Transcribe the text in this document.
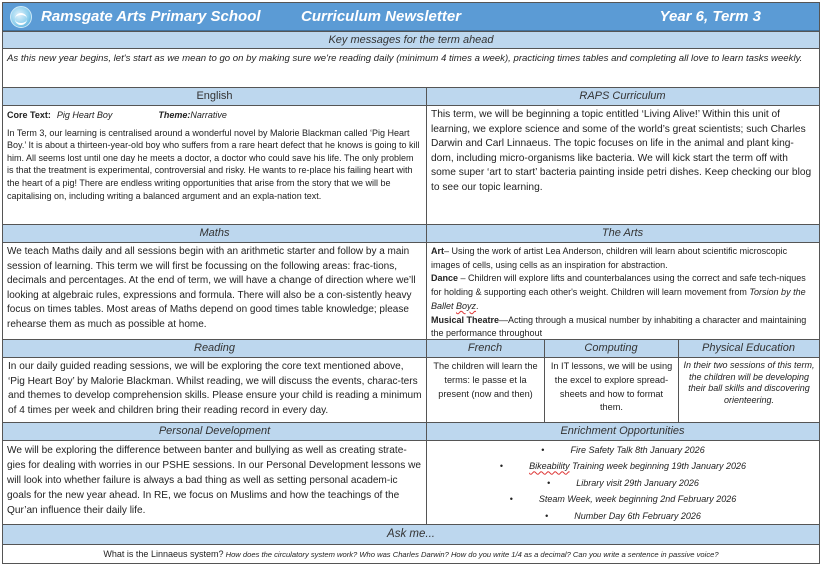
Ramsgate Arts Primary School	Curriculum Newsletter	Year 6, Term 3
Key messages for the term ahead
As this new year begins, let's start as we mean to go on by making sure we're reading daily (minimum 4 times a week), practicing times tables and completing all love to learn tasks weekly.
English	RAPS Curriculum
Core Text: Pig Heart Boy	Theme:Narrative
In Term 3, our learning is centralised around a wonderful novel by Malorie Blackman called ‘Pig Heart Boy.’ It is about a thirteen-year-old boy who suffers from a rare heart defect that he knows is going to kill him. All seems lost until one day he meets a doctor, a doctor who could save his life. The only problem is that the treatment is experimental, controversial and risky. He wants to re-place his failing heart with the heart of a pig! There are endless writing opportunities that arise from the story that we will be capitalising on, including writing a balanced argument and an expla-nation text.
This term, we will be beginning a topic entitled ‘Living Alive!’ Within this unit of learning, we explore science and some of the world’s great scientists; such Charles Darwin and Carl Linnaeus. The topic focuses on life in the animal and plant king-dom, including micro-organisms like bacteria. We will kick start the term off with some super ‘art to start’ bacteria painting inside petri dishes. Keep checking our blog to see our topic learning.
Maths	The Arts
We teach Maths daily and all sessions begin with an arithmetic starter and follow by a main session of learning. This term we will first be focussing on the following areas: frac-tions, decimals and percentages. At the end of term, we will have a change of direction where we’ll looking at algebraic rules, expressions and formula. There will also be a con-sistently heavy focus on times tables. Most areas of Maths depend on good times table knowledge; please rehearse them as much as possible at home.
Art– Using the work of artist Lea Anderson, children will learn about scientific microscopic images of cells, using cells as an inspiration for abstraction.
Dance – Children will explore lifts and counterbalances using the correct and safe tech-niques for holding & supporting each other's weight. Children will learn movement from Torsion by the Ballet Boyz.
Musical Theatre—Acting through a musical number by inhabiting a character and maintaining the performance throughout
Reading	French	Computing	Physical Education
In our daily guided reading sessions, we will be exploring the core text mentioned above, ‘Pig Heart Boy’ by Malorie Blackman. Whilst reading, we will discuss the events, charac-ters and themes to develop comprehension skills. Please ensure your child is reading a minimum of 4 times per week and children bring their reading record in every day.
The children will learn the terms: le passe et la present (now and then)
In IT lessons, we will be using the excel to explore spread-sheets and how to format them.
In their two sessions of this term, the children will be developing their ball skills and discovering orienteering.
Personal Development	Enrichment Opportunities
We will be exploring the difference between banter and bullying as well as creating strate-gies for dealing with worries in our PSHE sessions. In our Personal Development lessons we will look into whether failure is always a bad thing as well as setting personal academ-ic goals for the new year ahead. In RE, we focus on Muslims and how the teachings of the Qur’an influence their daily life.
•	Fire Safety Talk 8th January 2026
•	Bikeability Training week beginning 19th January 2026
•	Library visit 29th January 2026
•	Steam Week, week beginning 2nd February 2026
•	Number Day 6th February 2026
Ask me...
What is the Linnaeus system? How does the circulatory system work? Who was Charles Darwin? How do you write 1/4 as a decimal? Can you write a sentence in passive voice?
